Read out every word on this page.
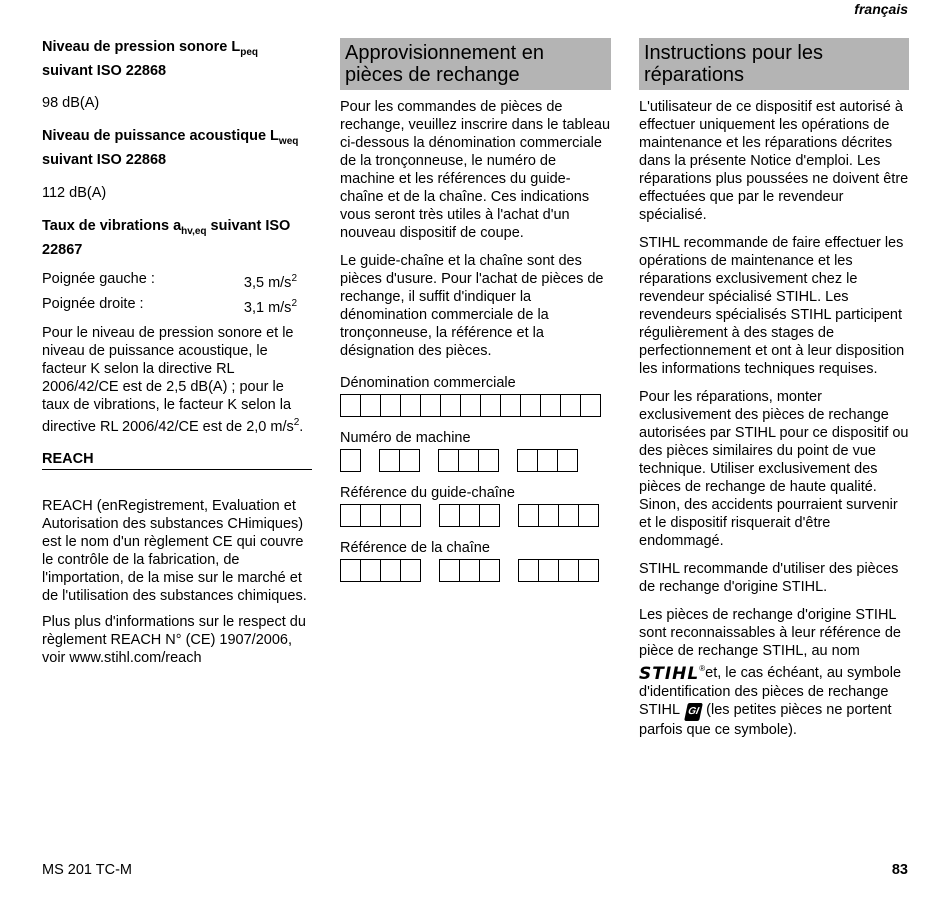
français

Niveau de pression sonore $L_{peq}$ suivant ISO 22868

98 dB(A)

Niveau de puissance acoustique $L_{weq}$ suivant ISO 22868

112 dB(A)

Taux de vibrations $a_{hv,eq}$ suivant ISO 22867

Poignée gauche :	3,5 $m/s^2$
Poignée droite :	3,1 $m/s^2$

Pour le niveau de pression sonore et le niveau de puissance acoustique, le facteur K selon la directive RL 2006/42/CE est de 2,5 dB(A) ; pour le taux de vibrations, le facteur K selon la directive RL 2006/42/CE est de 2,0 $m/s^2$.

REACH

REACH (enRegistrement, Evaluation et Autorisation des substances CHimiques) est le nom d'un règlement CE qui couvre le contrôle de la fabrication, de l'importation, de la mise sur le marché et de l'utilisation des substances chimiques.

Plus plus d'informations sur le respect du règlement REACH N° (CE) 1907/2006, voir www.stihl.com/reach

Approvisionnement en pièces de rechange

Pour les commandes de pièces de rechange, veuillez inscrire dans le tableau ci-dessous la dénomination commerciale de la tronçonneuse, le numéro de machine et les références du guide-chaîne et de la chaîne. Ces indications vous seront très utiles à l'achat d'un nouveau dispositif de coupe.

Le guide-chaîne et la chaîne sont des pièces d'usure. Pour l'achat de pièces de rechange, il suffit d'indiquer la dénomination commerciale de la tronçonneuse, la référence et la désignation des pièces.

Dénomination commerciale

Numéro de machine

Référence du guide-chaîne

Référence de la chaîne

Instructions pour les réparations

L'utilisateur de ce dispositif est autorisé à effectuer uniquement les opérations de maintenance et les réparations décrites dans la présente Notice d'emploi. Les réparations plus poussées ne doivent être effectuées que par le revendeur spécialisé.

STIHL recommande de faire effectuer les opérations de maintenance et les réparations exclusivement chez le revendeur spécialisé STIHL. Les revendeurs spécialisés STIHL participent régulièrement à des stages de perfectionnement et ont à leur disposition les informations techniques requises.

Pour les réparations, monter exclusivement des pièces de rechange autorisées par STIHL pour ce dispositif ou des pièces similaires du point de vue technique. Utiliser exclusivement des pièces de rechange de haute qualité. Sinon, des accidents pourraient survenir et le dispositif risquerait d'être endommagé.

STIHL recommande d'utiliser des pièces de rechange d'origine STIHL.

Les pièces de rechange d'origine STIHL sont reconnaissables à leur référence de pièce de rechange STIHL, au nom STIHL®et, le cas échéant, au symbole d'identification des pièces de rechange STIHL GI (les petites pièces ne portent parfois que ce symbole).

MS 201 TC-M	83
